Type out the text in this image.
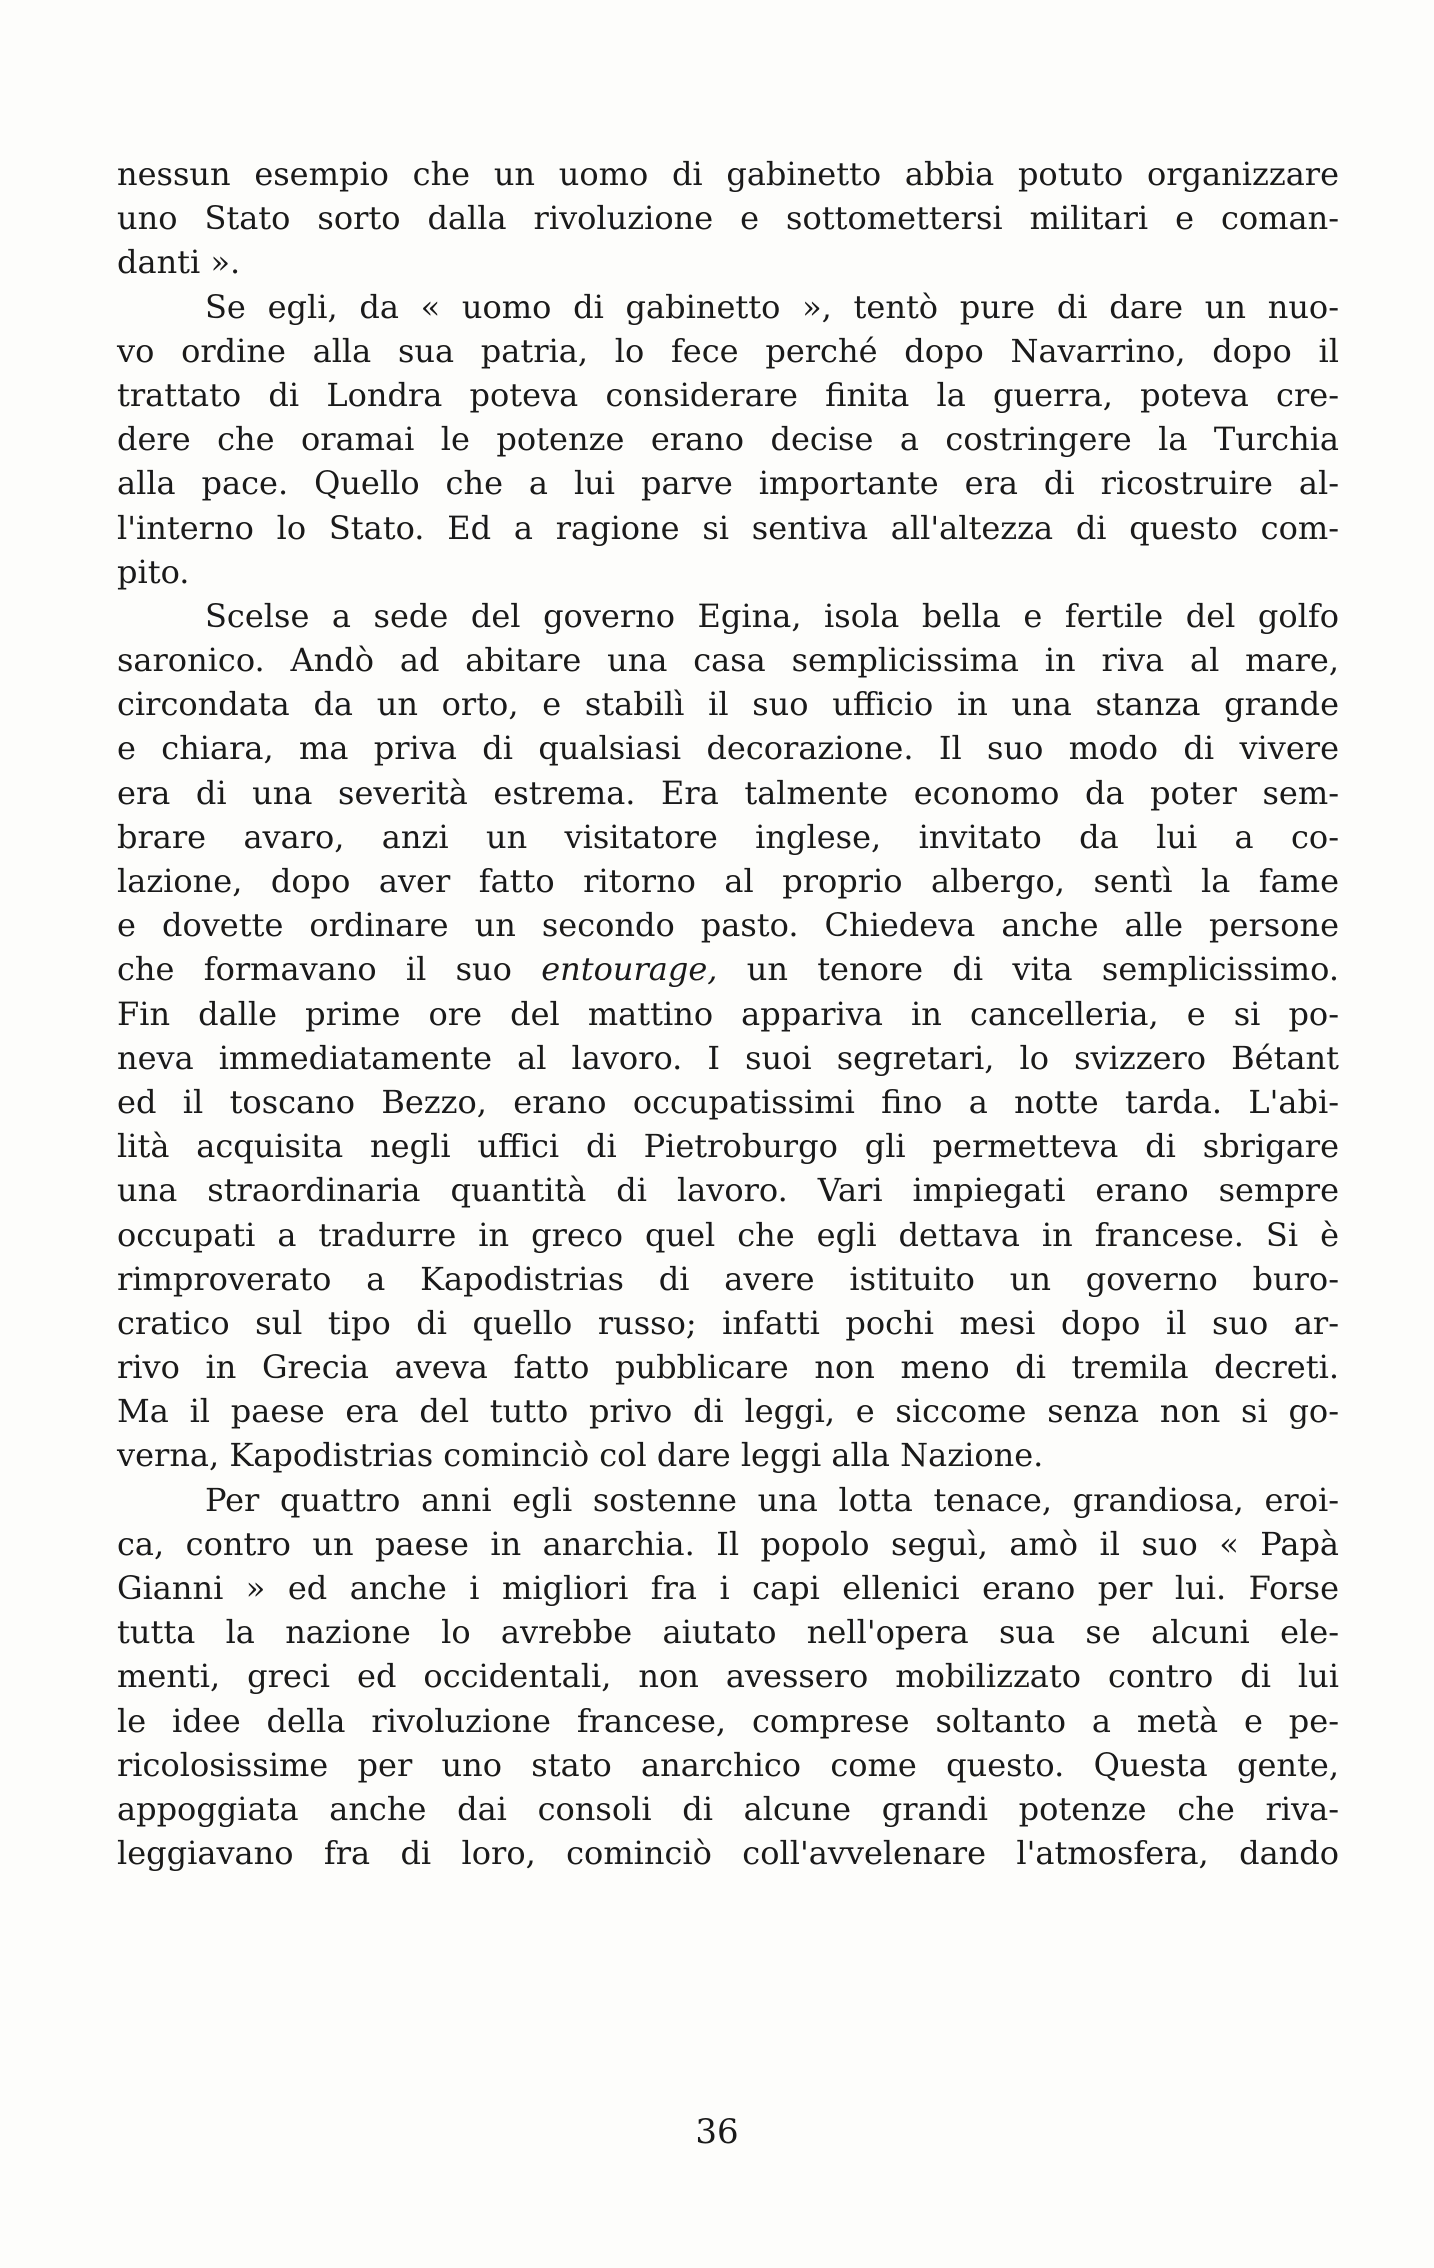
nessun esempio che un uomo di gabinetto abbia potuto organizzare
uno Stato sorto dalla rivoluzione e sottomettersi militari e coman-
danti ».
Se egli, da « uomo di gabinetto », tentò pure di dare un nuo-
vo ordine alla sua patria, lo fece perché dopo Navarrino, dopo il
trattato di Londra poteva considerare finita la guerra, poteva cre-
dere che oramai le potenze erano decise a costringere la Turchia
alla pace. Quello che a lui parve importante era di ricostruire al-
l'interno lo Stato. Ed a ragione si sentiva all'altezza di questo com-
pito.
Scelse a sede del governo Egina, isola bella e fertile del golfo
saronico. Andò ad abitare una casa semplicissima in riva al mare,
circondata da un orto, e stabilì il suo ufficio in una stanza grande
e chiara, ma priva di qualsiasi decorazione. Il suo modo di vivere
era di una severità estrema. Era talmente economo da poter sem-
brare avaro, anzi un visitatore inglese, invitato da lui a co-
lazione, dopo aver fatto ritorno al proprio albergo, sentì la fame
e dovette ordinare un secondo pasto. Chiedeva anche alle persone
che formavano il suo entourage, un tenore di vita semplicissimo.
Fin dalle prime ore del mattino appariva in cancelleria, e si po-
neva immediatamente al lavoro. I suoi segretari, lo svizzero Bétant
ed il toscano Bezzo, erano occupatissimi fino a notte tarda. L'abi-
lità acquisita negli uffici di Pietroburgo gli permetteva di sbrigare
una straordinaria quantità di lavoro. Vari impiegati erano sempre
occupati a tradurre in greco quel che egli dettava in francese. Si è
rimproverato a Kapodistrias di avere istituito un governo buro-
cratico sul tipo di quello russo; infatti pochi mesi dopo il suo ar-
rivo in Grecia aveva fatto pubblicare non meno di tremila decreti.
Ma il paese era del tutto privo di leggi, e siccome senza non si go-
verna, Kapodistrias cominciò col dare leggi alla Nazione.
Per quattro anni egli sostenne una lotta tenace, grandiosa, eroi-
ca, contro un paese in anarchia. Il popolo seguì, amò il suo « Papà
Gianni » ed anche i migliori fra i capi ellenici erano per lui. Forse
tutta la nazione lo avrebbe aiutato nell'opera sua se alcuni ele-
menti, greci ed occidentali, non avessero mobilizzato contro di lui
le idee della rivoluzione francese, comprese soltanto a metà e pe-
ricolosissime per uno stato anarchico come questo. Questa gente,
appoggiata anche dai consoli di alcune grandi potenze che riva-
leggiavano fra di loro, cominciò coll'avvelenare l'atmosfera, dando
36
